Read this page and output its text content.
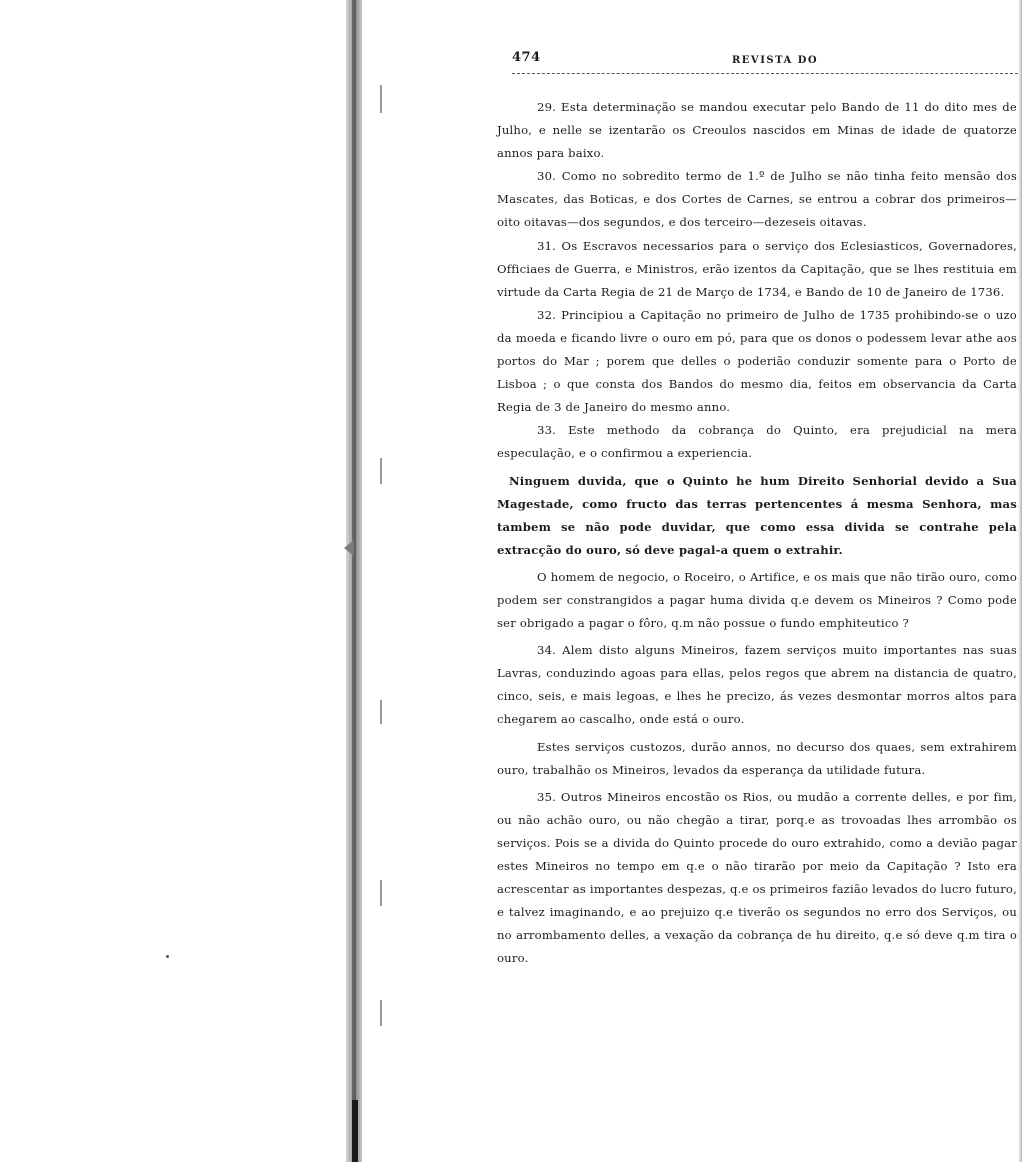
474	REVISTA DO

29. Esta determinação se mandou executar pelo Bando de 11 do dito mes de Julho, e nelle se izentarão os Creoulos nascidos em Minas de idade de quatorze annos para baixo.

30. Como no sobredito termo de 1.º de Julho se não tinha feito mensão dos Mascates, das Boticas, e dos Cortes de Carnes, se entrou a cobrar dos primeiros—oito oitavas—dos segundos, e dos terceiro—dezeseis oitavas.

31. Os Escravos necessarios para o serviço dos Eclesiasticos, Governadores, Officiaes de Guerra, e Ministros, erão izentos da Capitação, que se lhes restituia em virtude da Carta Regia de 21 de Março de 1734, e Bando de 10 de Janeiro de 1736.

32. Principiou a Capitação no primeiro de Julho de 1735 prohibindo-se o uzo da moeda e ficando livre o ouro em pó, para que os donos o podessem levar athe aos portos do Mar ; porem que delles o poderião conduzir somente para o Porto de Lisboa ; o que consta dos Bandos do mesmo dia, feitos em observancia da Carta Regia de 3 de Janeiro do mesmo anno.

33. Este methodo da cobrança do Quinto, era prejudicial na mera especulação, e o confirmou a experiencia.

Ninguem duvida, que o Quinto he hum Direito Senhorial devido a Sua Magestade, como fructo das terras pertencentes á mesma Senhora, mas tambem se não pode duvidar, que como essa divida se contrahe pela extracção do ouro, só deve pagal-a quem o extrahir.

O homem de negocio, o Roceiro, o Artifice, e os mais que não tirão ouro, como podem ser constrangidos a pagar huma divida q.e devem os Mineiros ? Como pode ser obrigado a pagar o fôro, q.m não possue o fundo emphiteutico ?

34. Alem disto alguns Mineiros, fazem serviços muito importantes nas suas Lavras, conduzindo agoas para ellas, pelos regos que abrem na distancia de quatro, cinco, seis, e mais legoas, e lhes he precizo, ás vezes desmontar morros altos para chegarem ao cascalho, onde está o ouro.

Estes serviços custozos, durão annos, no decurso dos quaes, sem extrahirem ouro, trabalhão os Mineiros, levados da esperança da utilidade futura.

35. Outros Mineiros encostão os Rios, ou mudão a corrente delles, e por fim, ou não achão ouro, ou não chegão a tirar, porq.e as trovoadas lhes arrombão os serviços. Pois se a divida do Quinto procede do ouro extrahido, como a devião pagar estes Mineiros no tempo em q.e o não tirarão por meio da Capitação ? Isto era acrescentar as importantes despezas, q.e os primeiros fazião levados do lucro futuro, e talvez imaginando, e ao prejuizo q.e tiverão os segundos no erro dos Serviços, ou no arrombamento delles, a vexação da cobrança de hu direito, q.e só deve q.m tira o ouro.
